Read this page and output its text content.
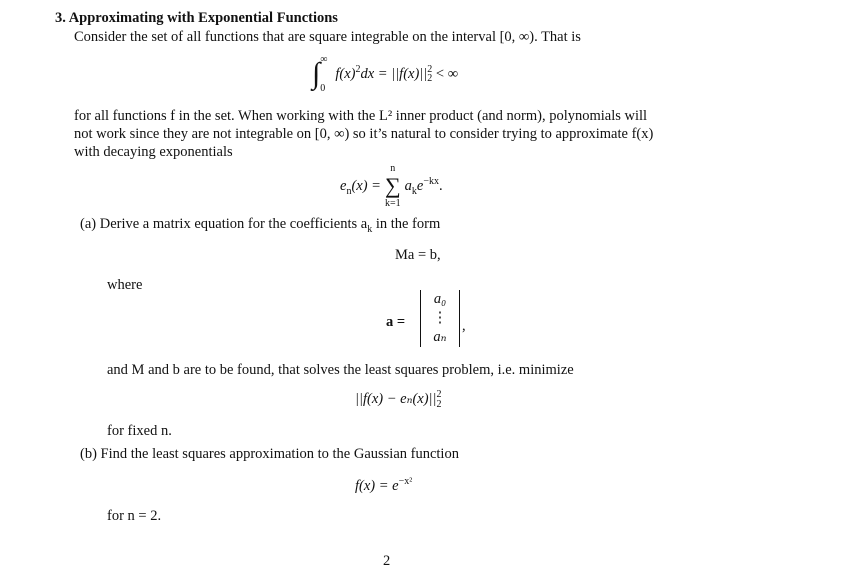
3. Approximating with Exponential Functions
Consider the set of all functions that are square integrable on the interval [0, ∞). That is
∫ ∞
0
$f(x)^2dx = ||f(x)||^2_2$ < ∞
for all functions f in the set. When working with the L² inner product (and norm), polynomials will
not work since they are not integrable on [0, ∞) so it’s natural to consider trying to approximate f(x)
with decaying exponentials
$e_n(x)$ =
n
∑
k=1
$a_ke^{-kx}$.
(a) Derive a matrix equation for the coefficients $a_k$ in the form
Ma = b,
where
a =
a₀
⋮
aₙ
,
and M and b are to be found, that solves the least squares problem, i.e. minimize
$||f(x) - e_n(x)||^2_2$
for fixed n.
(b) Find the least squares approximation to the Gaussian function
$f(x) = e^{-x^2}$
for n = 2.
2
